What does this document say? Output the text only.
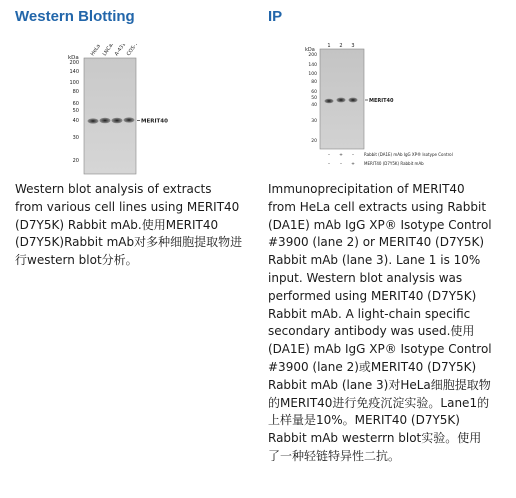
Western Blotting

Western blot analysis of extracts from various cell lines using MERIT40 (D7Y5K) Rabbit mAb.使用MERIT40 (D7Y5K)Rabbit mAb对多种细胞提取物进行western blot分析。

kDa
HeLa LNCaP
A-431
COS-7
200
140
100
80
60
50
40
30
20
MERIT40
IP

Immunoprecipitation of MERIT40 from HeLa cell extracts using Rabbit (DA1E) mAb IgG XP® Isotype Control #3900 (lane 2) or MERIT40 (D7Y5K) Rabbit mAb (lane 3). Lane 1 is 10% input. Western blot analysis was performed using MERIT40 (D7Y5K) Rabbit mAb. A light-chain specific secondary antibody was used.使用(DA1E) mAb IgG XP® Isotype Control #3900 (lane 2)或MERIT40 (D7Y5K) Rabbit mAb (lane 3)对HeLa细胞提取物的MERIT40进行免疫沉淀实验。Lane1的上样量是10%。MERIT40 (D7Y5K) Rabbit mAb westerrn blot实验。使用了一种轻链特异性二抗。

kDa
1 2 3
200
140
100
80
60
50
40
30
20
MERIT40
– + – Rabbit (DA1E) mAb IgG XP® Isotype Control
– – + MERIT40 (D7Y5K) Rabbit mAb
